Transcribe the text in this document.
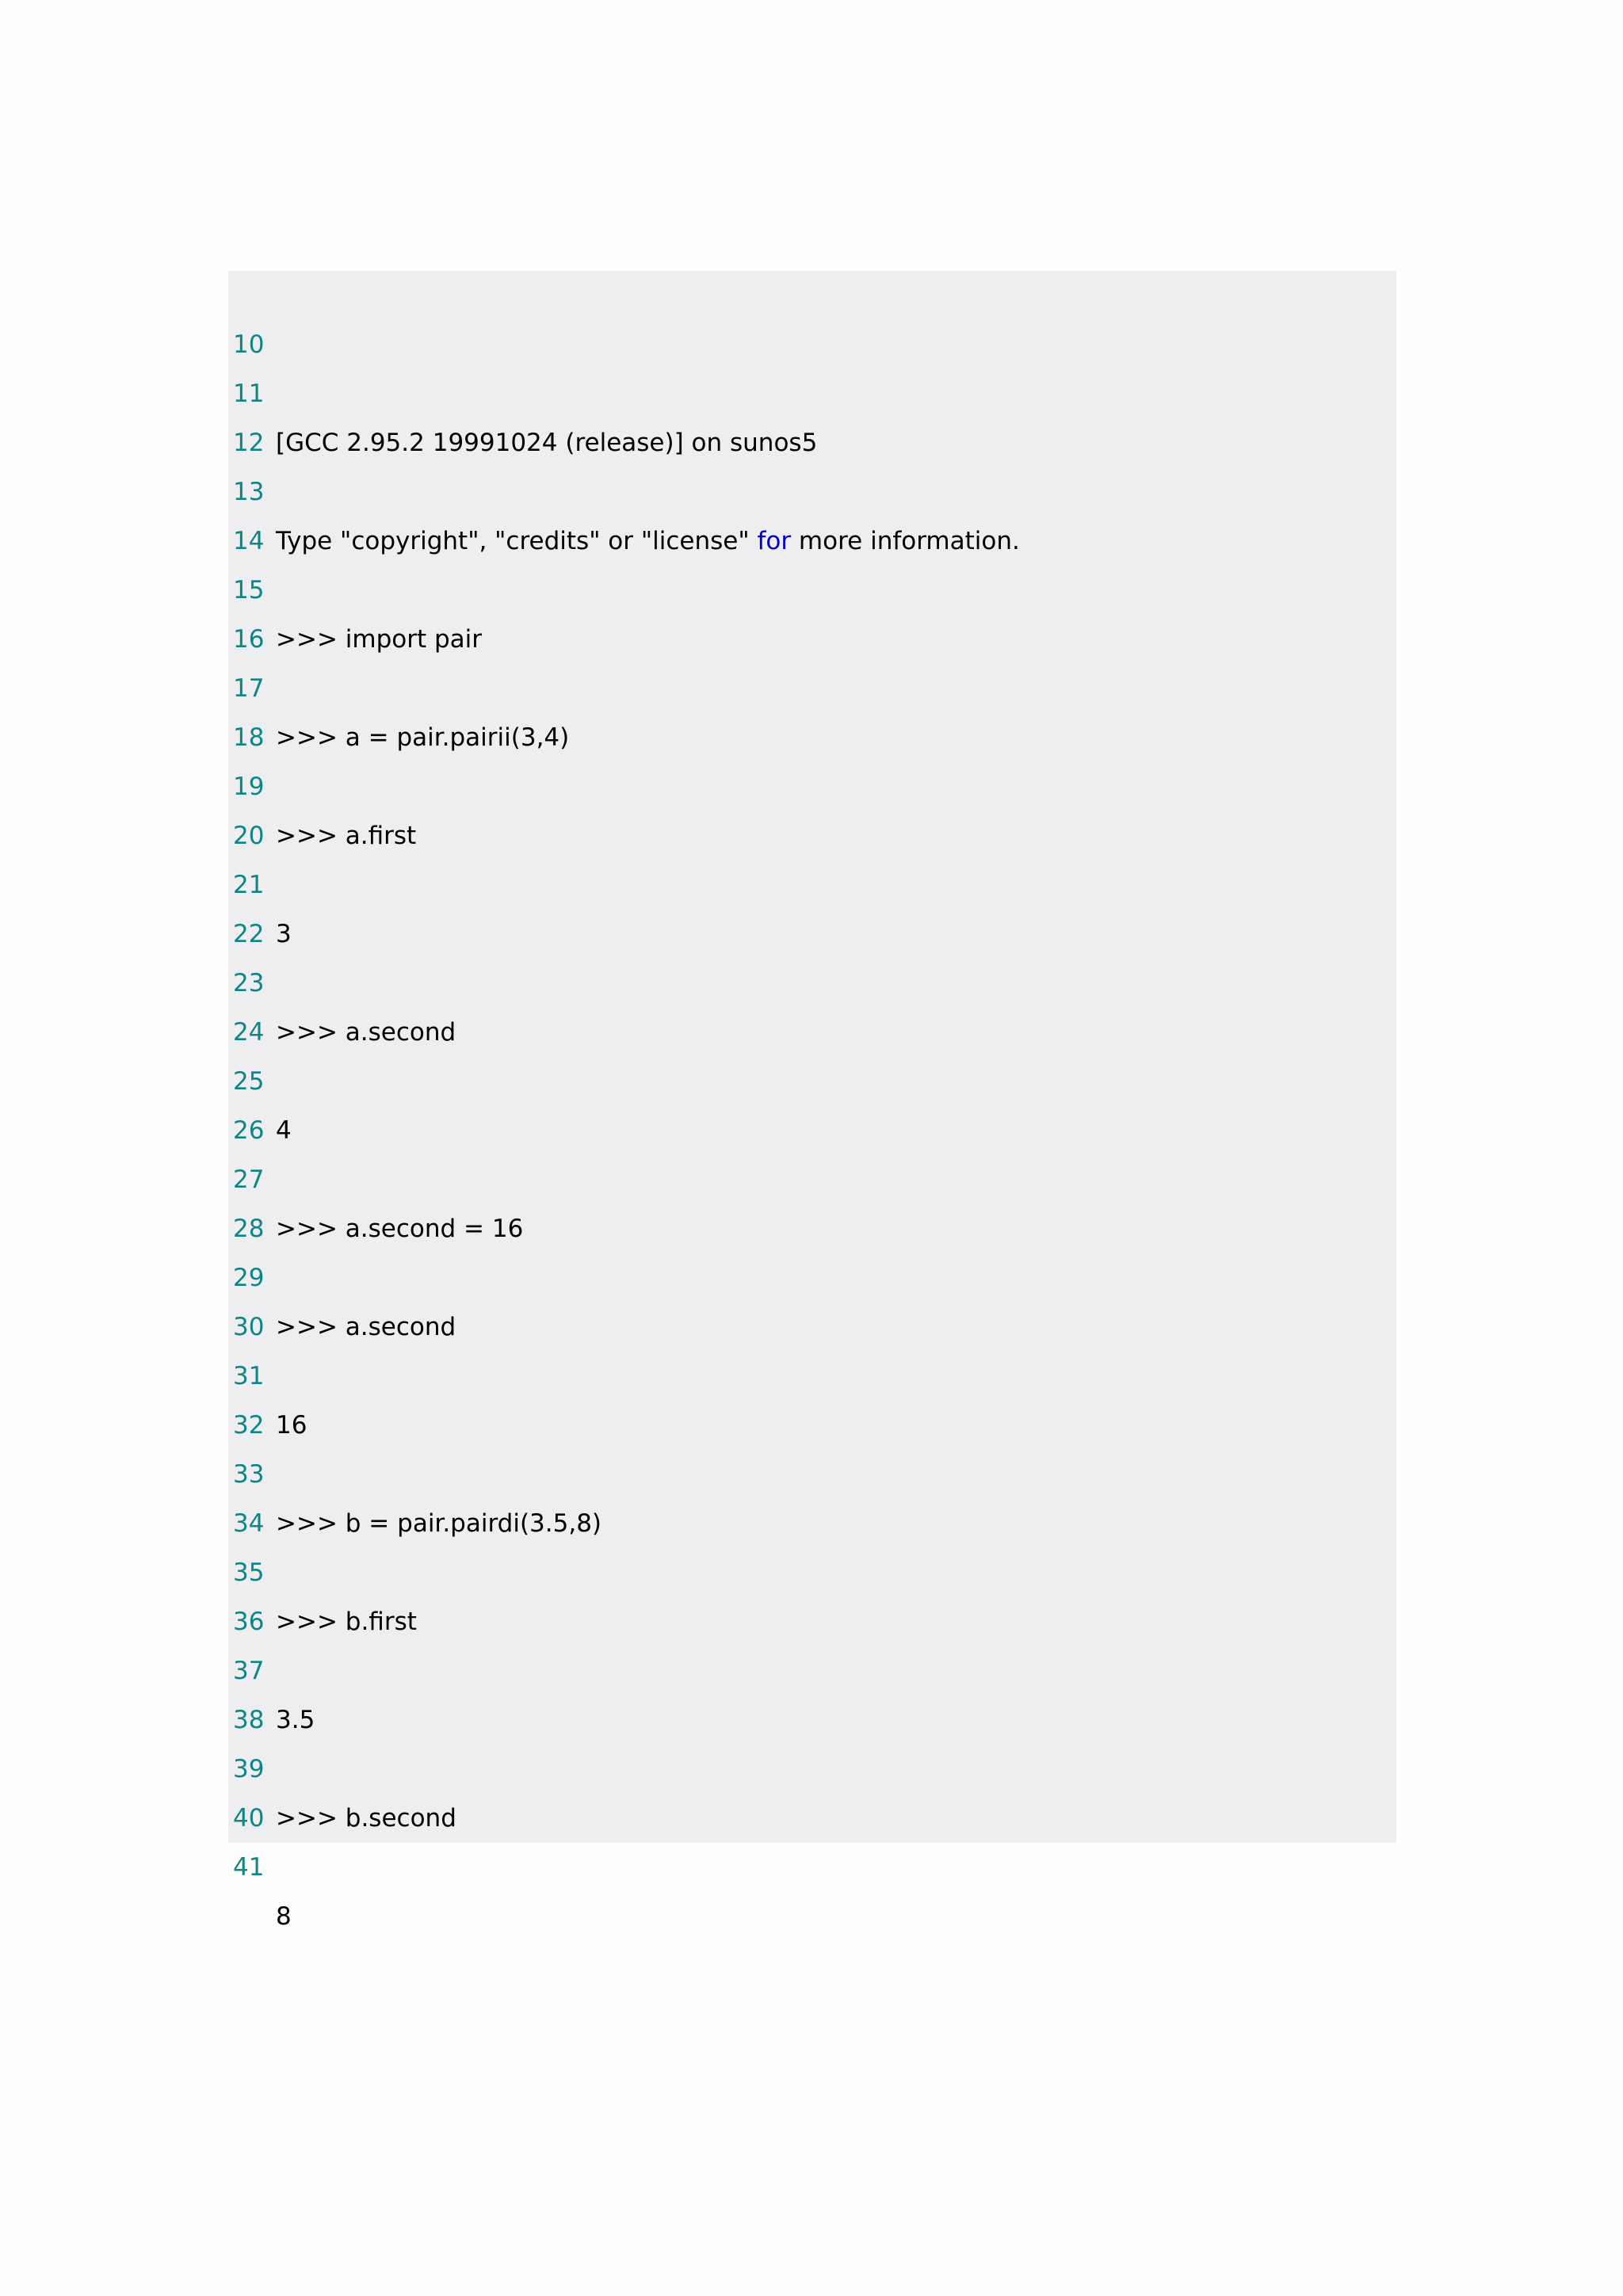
10

11

[GCC 2.95.2 19991024 (release)] on sunos5

12

13

Type "copyright", "credits" or "license" for more information.

14

15

>>> import pair

16

17

>>> a = pair.pairii(3,4)

18

19

>>> a.first

20

21

3

22

23

>>> a.second

24

25

4

26

27

>>> a.second = 16

28

29

>>> a.second

30

31

16

32

33

>>> b = pair.pairdi(3.5,8)

34

35

>>> b.first

36

37

3.5

38

39

>>> b.second

40

41

8
